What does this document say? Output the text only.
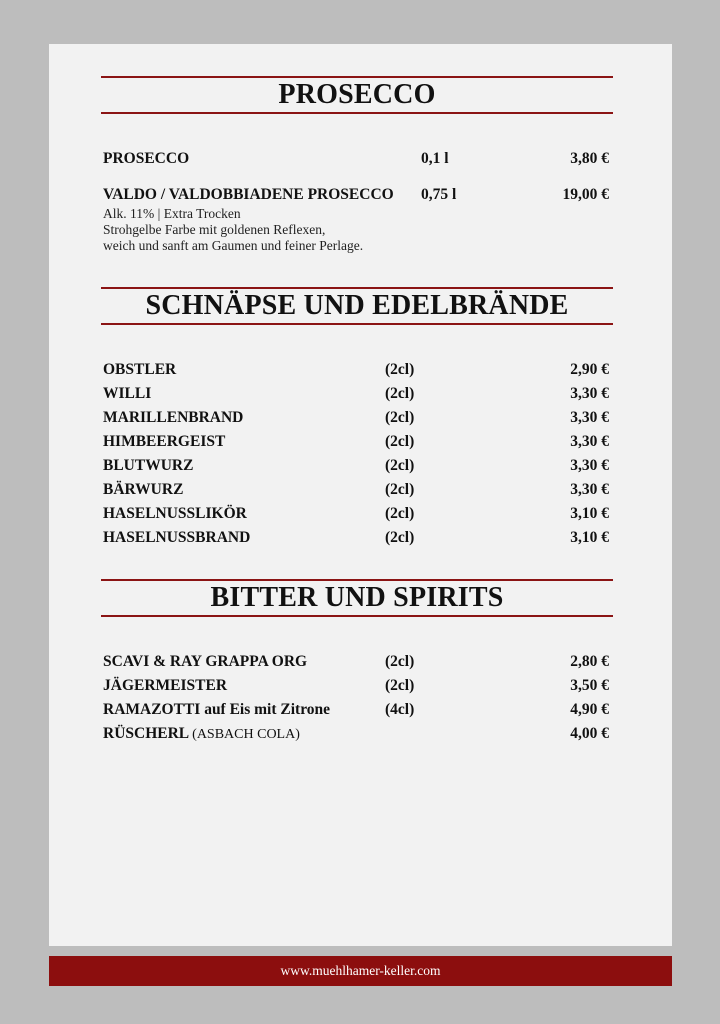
PROSECCO
PROSECCO	0,1 l	3,80 €
VALDO / VALDOBBIADENE PROSECCO 0,75 l	19,00 €
Alk. 11% | Extra Trocken
Strohgelbe Farbe mit goldenen Reflexen,
weich und sanft am Gaumen und feiner Perlage.
SCHNÄPSE UND EDELBRÄNDE
OBSTLER	(2cl)	2,90 €
WILLI	(2cl)	3,30 €
MARILLENBRAND	(2cl)	3,30 €
HIMBEERGEIST	(2cl)	3,30 €
BLUTWURZ	(2cl)	3,30 €
BÄRWURZ	(2cl)	3,30 €
HASELNUSSLIKÖR	(2cl)	3,10 €
HASELNUSSBRAND	(2cl)	3,10 €
BITTER UND SPIRITS
SCAVI & RAY GRAPPA ORG	(2cl)	2,80 €
JÄGERMEISTER	(2cl)	3,50 €
RAMAZOTTI auf Eis mit Zitrone	(4cl)	4,90 €
RÜSCHERL (ASBACH COLA)	4,00 €
www.muehlhamer-keller.com
